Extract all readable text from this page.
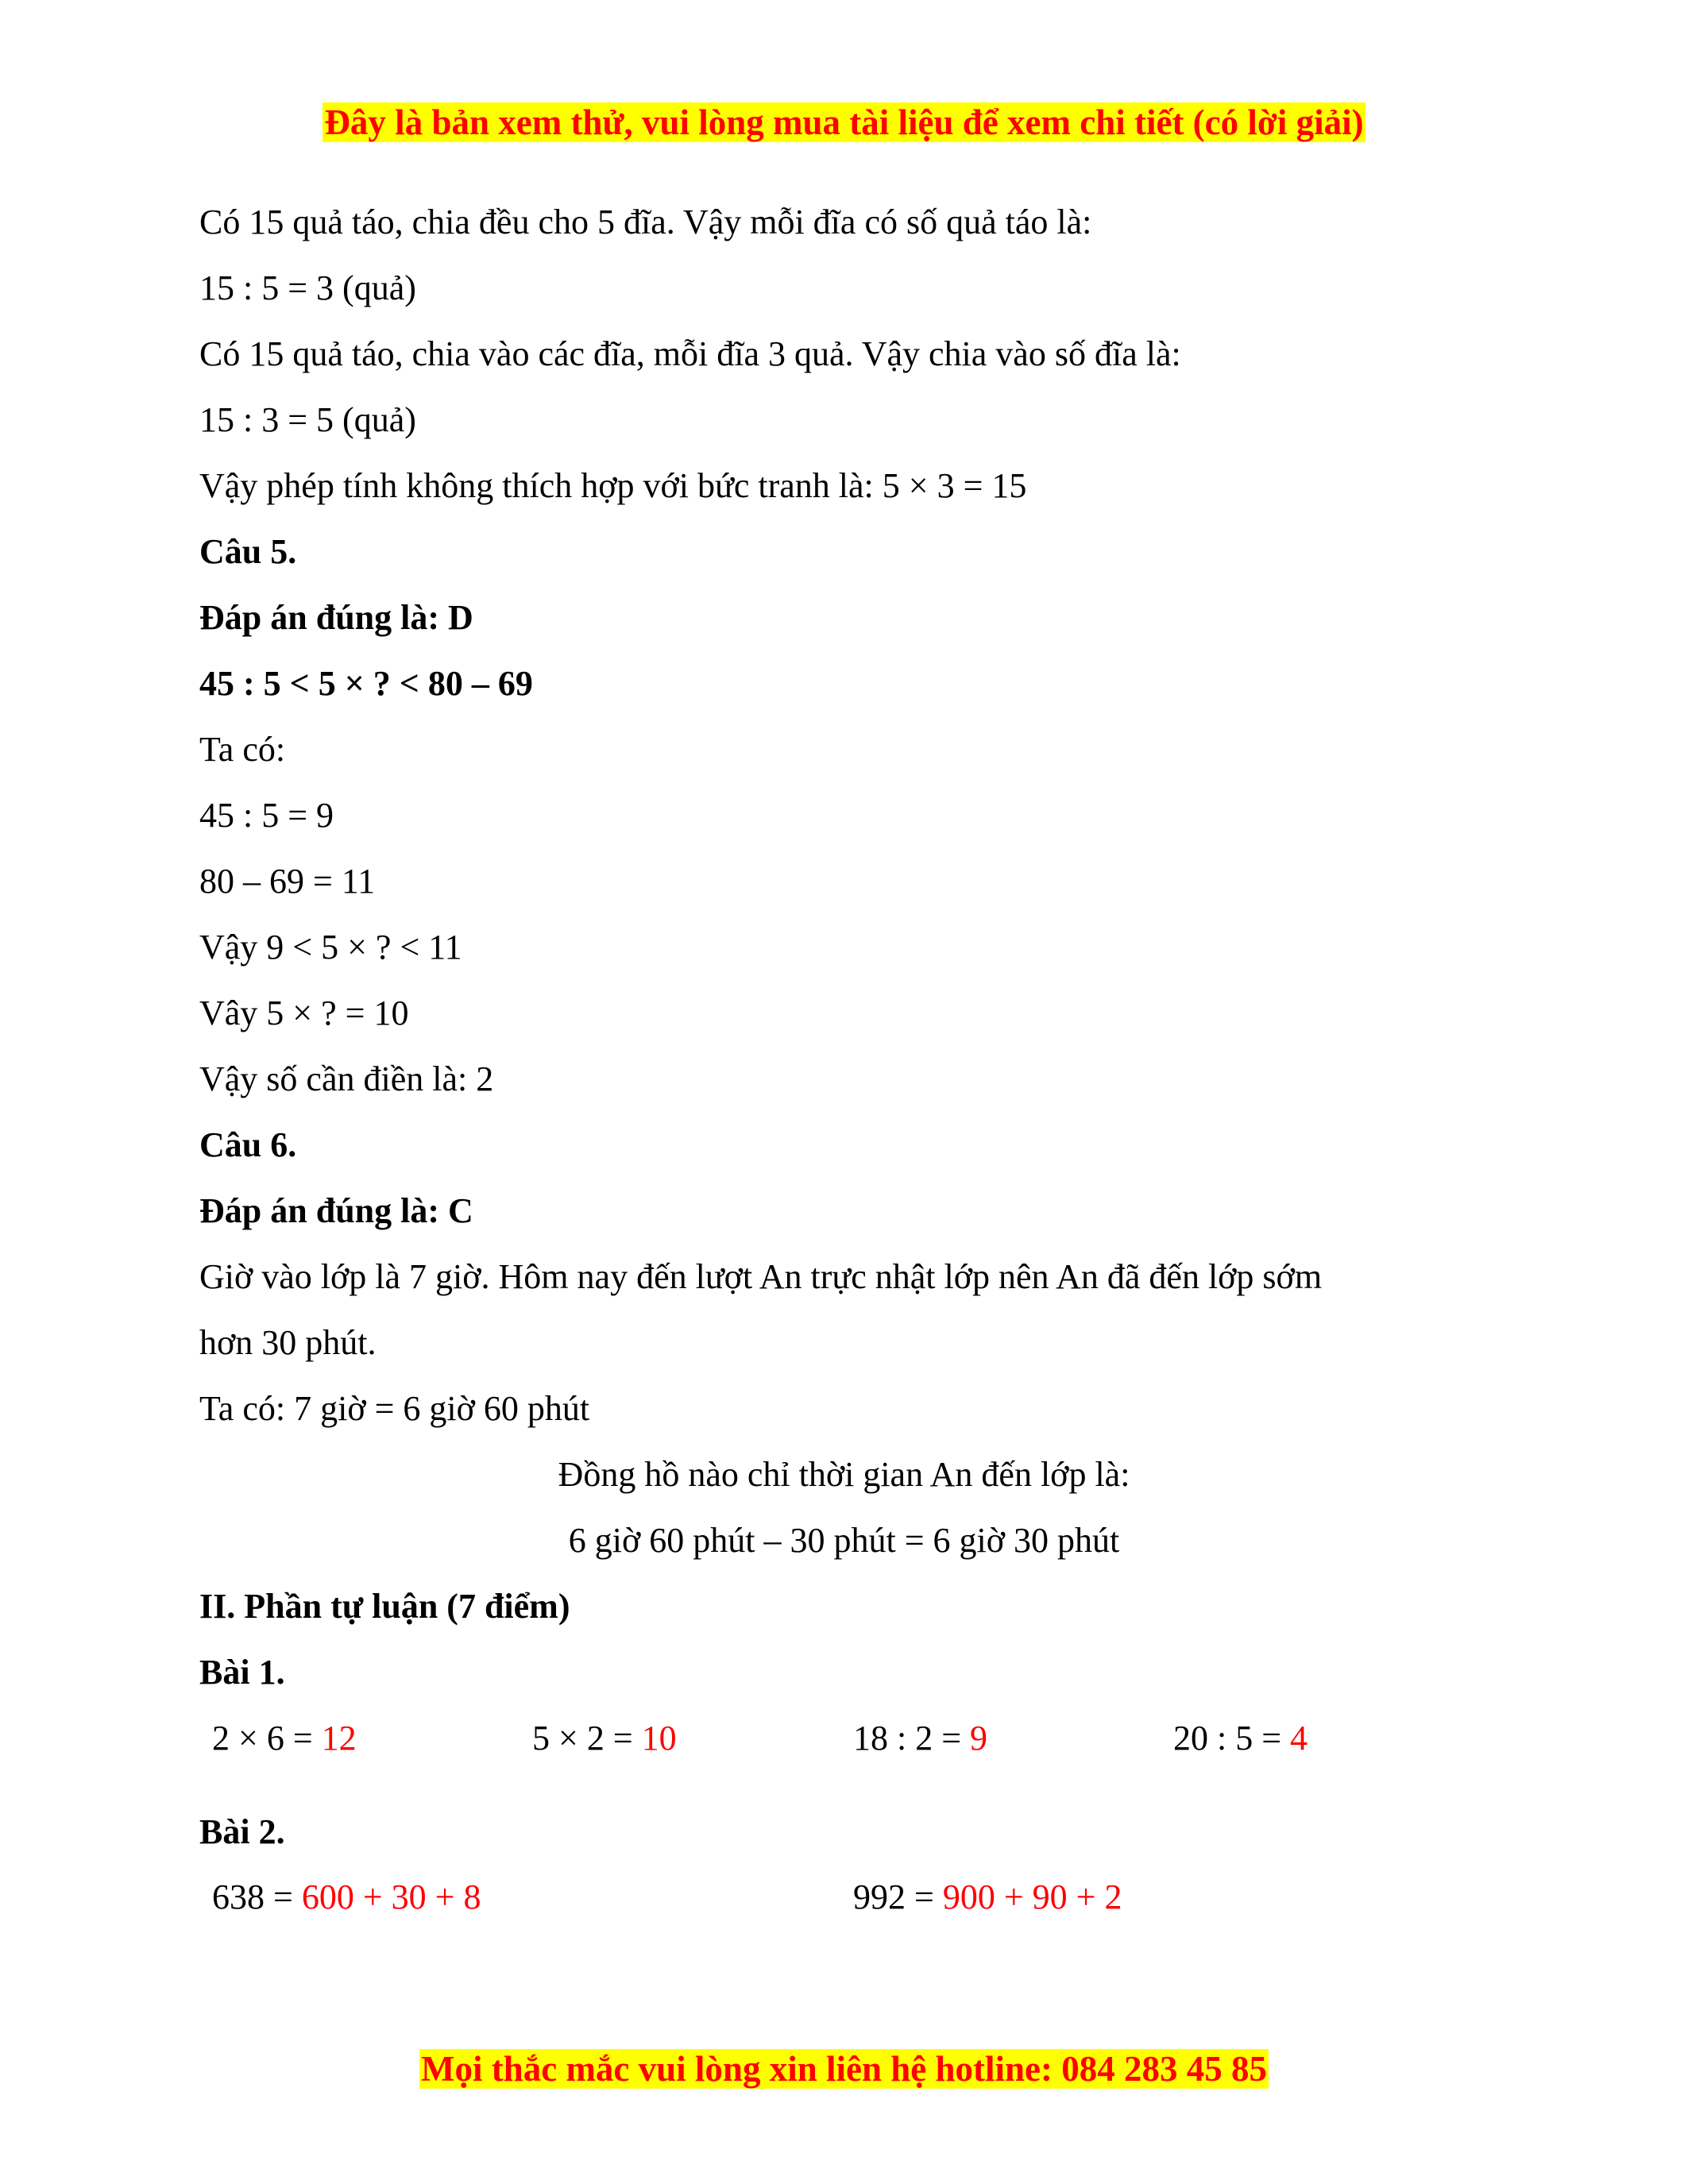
Đây là bản xem thử, vui lòng mua tài liệu để xem chi tiết (có lời giải)
Có 15 quả táo, chia đều cho 5 đĩa. Vậy mỗi đĩa có số quả táo là:
15 : 5 = 3 (quả)
Có 15 quả táo, chia vào các đĩa, mỗi đĩa 3 quả. Vậy chia vào số đĩa là:
15 : 3 = 5 (quả)
Vậy phép tính không thích hợp với bức tranh là: 5 × 3 = 15
Câu 5.
Đáp án đúng là: D
45 : 5 < 5 × ? < 80 – 69
Ta có:
45 : 5 = 9
80 – 69 = 11
Vậy 9 < 5 × ? < 11
Vây 5 × ? = 10
Vậy số cần điền là: 2
Câu 6.
Đáp án đúng là: C
Giờ vào lớp là 7 giờ. Hôm nay đến lượt An trực nhật lớp nên An đã đến lớp sớm
hơn 30 phút.
Ta có: 7 giờ = 6 giờ 60 phút
Đồng hồ nào chỉ thời gian An đến lớp là:
6 giờ 60 phút – 30 phút = 6 giờ 30 phút
II. Phần tự luận (7 điểm)
Bài 1.
2 × 6 = 12	5 × 2 = 10	18 : 2 = 9	20 : 5 = 4
Bài 2.
638 = 600 + 30 + 8	992 = 900 + 90 + 2
Mọi thắc mắc vui lòng xin liên hệ hotline: 084 283 45 85
